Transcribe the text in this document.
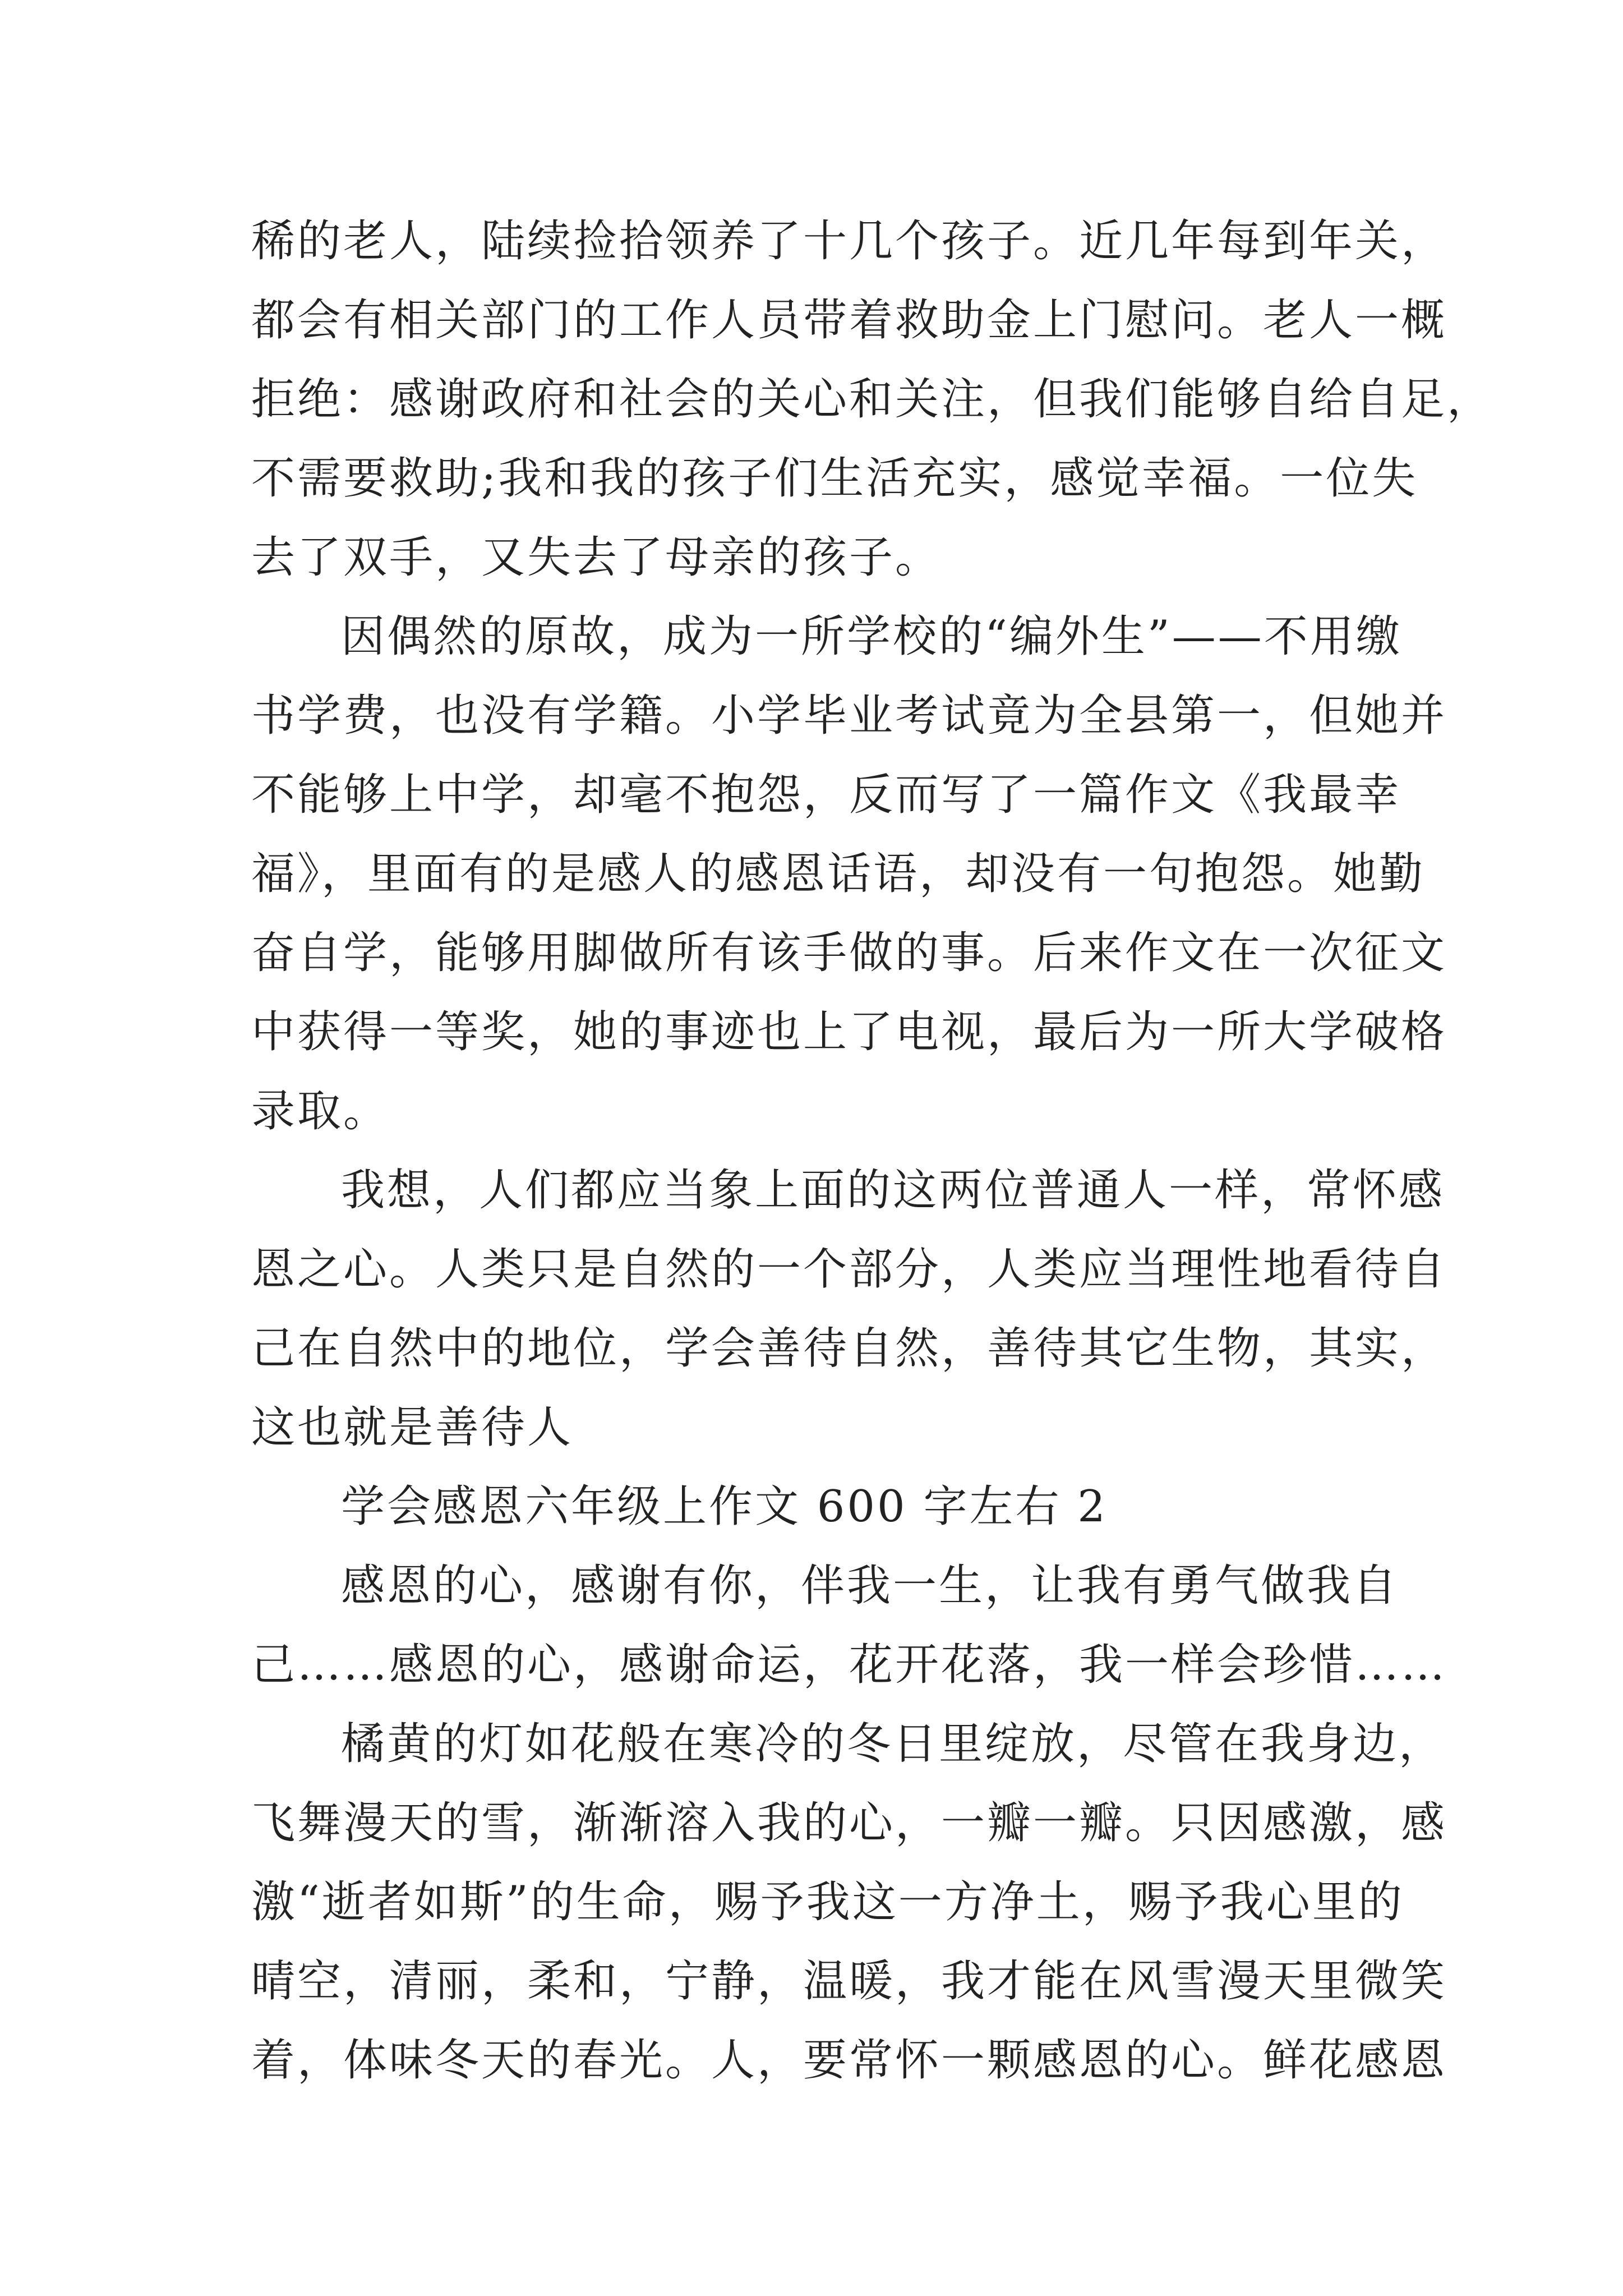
稀的老人，陆续捡拾领养了十几个孩子。近几年每到年关，
都会有相关部门的工作人员带着救助金上门慰问。老人一概
拒绝：感谢政府和社会的关心和关注，但我们能够自给自足，
不需要救助;我和我的孩子们生活充实，感觉幸福。一位失
去了双手，又失去了母亲的孩子。
因偶然的原故，成为一所学校的“编外生”——不用缴
书学费，也没有学籍。小学毕业考试竟为全县第一，但她并
不能够上中学，却毫不抱怨，反而写了一篇作文《我最幸
福》，里面有的是感人的感恩话语，却没有一句抱怨。她勤
奋自学，能够用脚做所有该手做的事。后来作文在一次征文
中获得一等奖，她的事迹也上了电视，最后为一所大学破格
录取。
我想，人们都应当象上面的这两位普通人一样，常怀感
恩之心。人类只是自然的一个部分，人类应当理性地看待自
己在自然中的地位，学会善待自然，善待其它生物，其实，
这也就是善待人
学会感恩六年级上作文 600 字左右 2
感恩的心，感谢有你，伴我一生，让我有勇气做我自
己……感恩的心，感谢命运，花开花落，我一样会珍惜……
橘黄的灯如花般在寒冷的冬日里绽放，尽管在我身边，
飞舞漫天的雪，渐渐溶入我的心，一瓣一瓣。只因感激，感
激“逝者如斯”的生命，赐予我这一方净土，赐予我心里的
晴空，清丽，柔和，宁静，温暖，我才能在风雪漫天里微笑
着，体味冬天的春光。人，要常怀一颗感恩的心。鲜花感恩
